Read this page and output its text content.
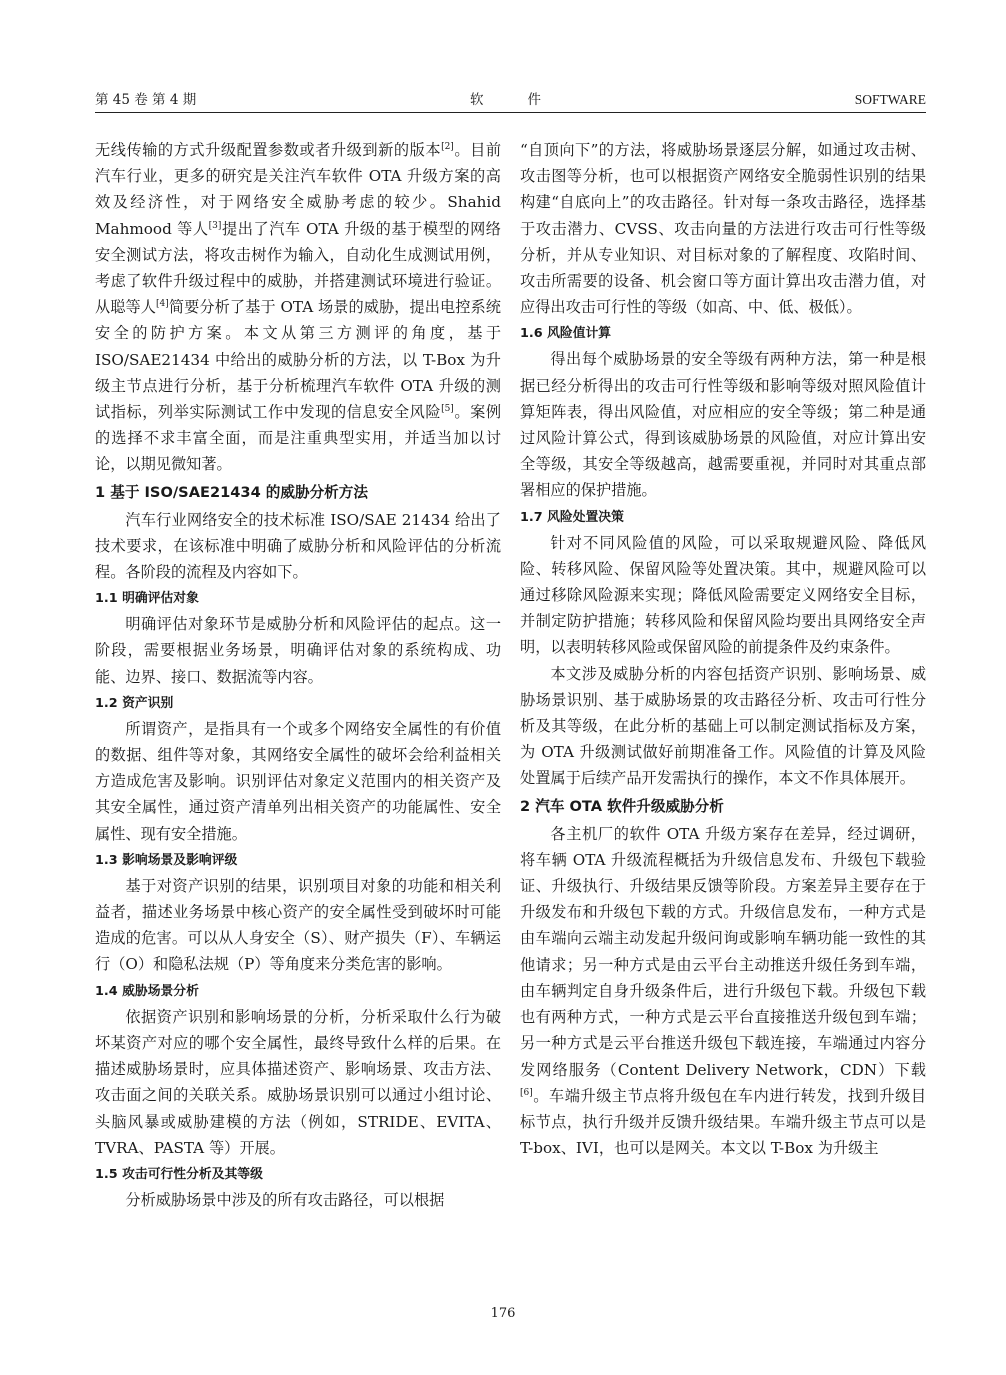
第 45 卷 第 4 期	软件	SOFTWARE

无线传输的方式升级配置参数或者升级到新的版本[2]。目前汽车行业，更多的研究是关注汽车软件 OTA 升级方案的高效及经济性，对于网络安全威胁考虑的较少。Shahid Mahmood 等人[3]提出了汽车 OTA 升级的基于模型的网络安全测试方法，将攻击树作为输入，自动化生成测试用例，考虑了软件升级过程中的威胁，并搭建测试环境进行验证。从聪等人[4]简要分析了基于 OTA 场景的威胁，提出电控系统安全的防护方案。本文从第三方测评的角度，基于 ISO/SAE21434 中给出的威胁分析的方法，以 T-Box 为升级主节点进行分析，基于分析梳理汽车软件 OTA 升级的测试指标，列举实际测试工作中发现的信息安全风险[5]。案例的选择不求丰富全面，而是注重典型实用，并适当加以讨论，以期见微知著。

1 基于 ISO/SAE21434 的威胁分析方法

汽车行业网络安全的技术标准 ISO/SAE 21434 给出了技术要求，在该标准中明确了威胁分析和风险评估的分析流程。各阶段的流程及内容如下。

1.1 明确评估对象

明确评估对象环节是威胁分析和风险评估的起点。这一阶段，需要根据业务场景，明确评估对象的系统构成、功能、边界、接口、数据流等内容。

1.2 资产识别

所谓资产，是指具有一个或多个网络安全属性的有价值的数据、组件等对象，其网络安全属性的破坏会给利益相关方造成危害及影响。识别评估对象定义范围内的相关资产及其安全属性，通过资产清单列出相关资产的功能属性、安全属性、现有安全措施。

1.3 影响场景及影响评级

基于对资产识别的结果，识别项目对象的功能和相关利益者，描述业务场景中核心资产的安全属性受到破坏时可能造成的危害。可以从人身安全（S）、财产损失（F）、车辆运行（O）和隐私法规（P）等角度来分类危害的影响。

1.4 威胁场景分析

依据资产识别和影响场景的分析，分析采取什么行为破坏某资产对应的哪个安全属性，最终导致什么样的后果。在描述威胁场景时，应具体描述资产、影响场景、攻击方法、攻击面之间的关联关系。威胁场景识别可以通过小组讨论、头脑风暴或威胁建模的方法（例如，STRIDE、EVITA、TVRA、PASTA 等）开展。

1.5 攻击可行性分析及其等级

分析威胁场景中涉及的所有攻击路径，可以根据

“自顶向下”的方法，将威胁场景逐层分解，如通过攻击树、攻击图等分析，也可以根据资产网络安全脆弱性识别的结果构建“自底向上”的攻击路径。针对每一条攻击路径，选择基于攻击潜力、CVSS、攻击向量的方法进行攻击可行性等级分析，并从专业知识、对目标对象的了解程度、攻陷时间、攻击所需要的设备、机会窗口等方面计算出攻击潜力值，对应得出攻击可行性的等级（如高、中、低、极低）。

1.6 风险值计算

得出每个威胁场景的安全等级有两种方法，第一种是根据已经分析得出的攻击可行性等级和影响等级对照风险值计算矩阵表，得出风险值，对应相应的安全等级；第二种是通过风险计算公式，得到该威胁场景的风险值，对应计算出安全等级，其安全等级越高，越需要重视，并同时对其重点部署相应的保护措施。

1.7 风险处置决策

针对不同风险值的风险，可以采取规避风险、降低风险、转移风险、保留风险等处置决策。其中，规避风险可以通过移除风险源来实现；降低风险需要定义网络安全目标，并制定防护措施；转移风险和保留风险均要出具网络安全声明，以表明转移风险或保留风险的前提条件及约束条件。

本文涉及威胁分析的内容包括资产识别、影响场景、威胁场景识别、基于威胁场景的攻击路径分析、攻击可行性分析及其等级，在此分析的基础上可以制定测试指标及方案，为 OTA 升级测试做好前期准备工作。风险值的计算及风险处置属于后续产品开发需执行的操作，本文不作具体展开。

2 汽车 OTA 软件升级威胁分析

各主机厂的软件 OTA 升级方案存在差异，经过调研，将车辆 OTA 升级流程概括为升级信息发布、升级包下载验证、升级执行、升级结果反馈等阶段。方案差异主要存在于升级发布和升级包下载的方式。升级信息发布，一种方式是由车端向云端主动发起升级问询或影响车辆功能一致性的其他请求；另一种方式是由云平台主动推送升级任务到车端，由车辆判定自身升级条件后，进行升级包下载。升级包下载也有两种方式，一种方式是云平台直接推送升级包到车端；另一种方式是云平台推送升级包下载连接，车端通过内容分发网络服务（Content Delivery Network，CDN）下载[6]。车端升级主节点将升级包在车内进行转发，找到升级目标节点，执行升级并反馈升级结果。车端升级主节点可以是 T-box、IVI，也可以是网关。本文以 T-Box 为升级主

176
